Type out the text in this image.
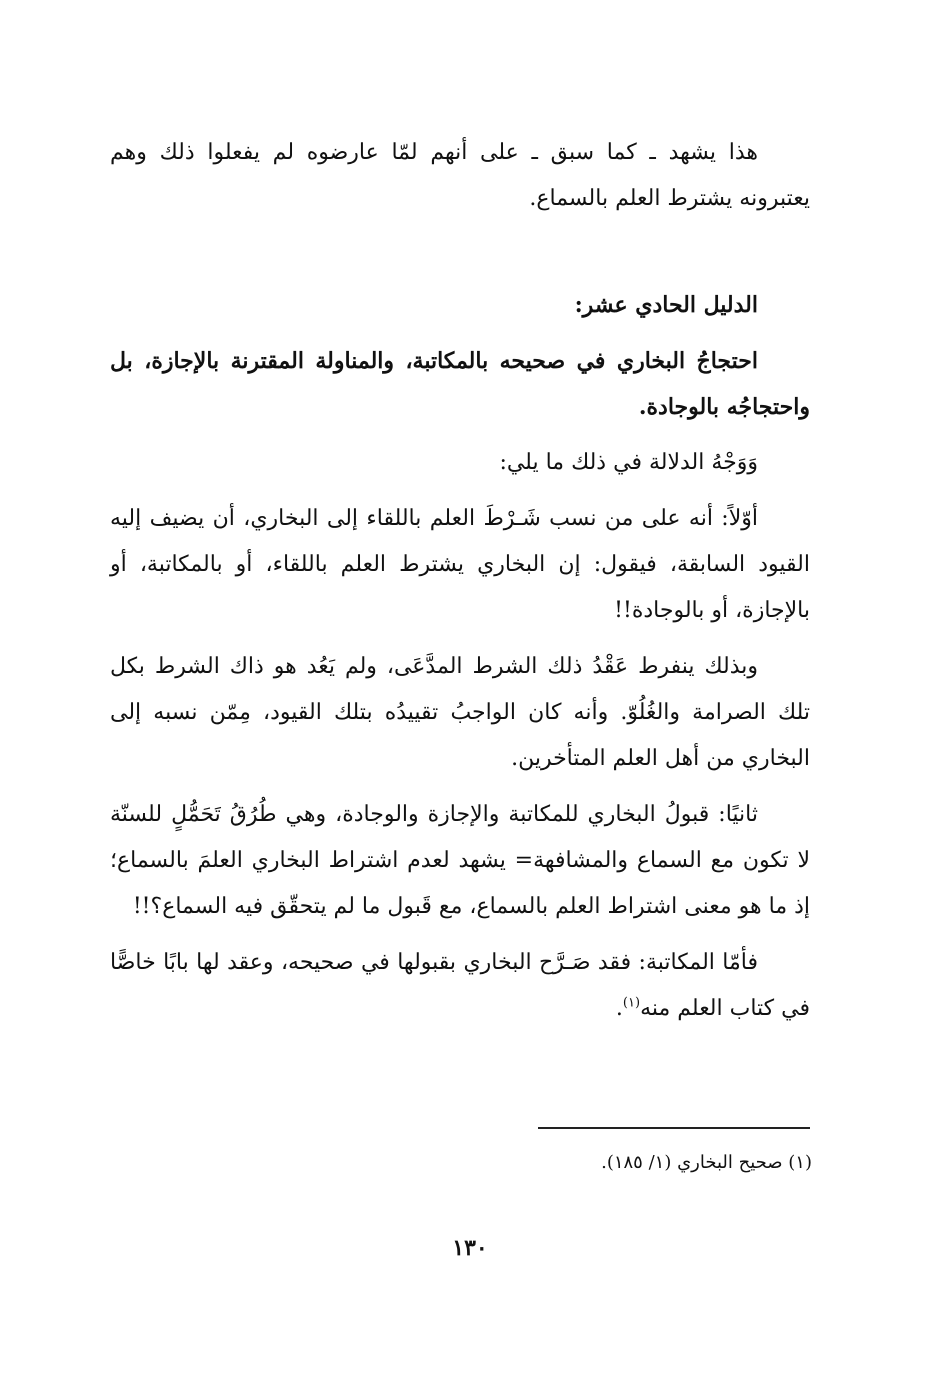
هذا يشهد ـ كما سبق ـ على أنهم لمّا عارضوه لم يفعلوا ذلك وهم يعتبرونه يشترط العلم بالسماع.

الدليل الحادي عشر:

احتجاجُ البخاري في صحيحه بالمكاتبة، والمناولة المقترنة بالإجازة، بل واحتجاجُه بالوجادة.

وَوَجْهُ الدلالة في ذلك ما يلي:

أوّلاً: أنه على من نسب شَـرْطَ العلم باللقاء إلى البخاري، أن يضيف إليه القيود السابقة، فيقول: إن البخاري يشترط العلم باللقاء، أو بالمكاتبة، أو بالإجازة، أو بالوجادة!!

وبذلك ينفرط عَقْدُ ذلك الشرط المدَّعَى، ولم يَعُد هو ذاك الشرط بكل تلك الصرامة والغُلُوّ. وأنه كان الواجبُ تقييدُه بتلك القيود، مِمّن نسبه إلى البخاري من أهل العلم المتأخرين.

ثانيًا: قبولُ البخاري للمكاتبة والإجازة والوجادة، وهي طُرُقُ تَحَمُّلٍ للسنّة لا تكون مع السماع والمشافهة= يشهد لعدم اشتراط البخاري العلمَ بالسماع؛ إذ ما هو معنى اشتراط العلم بالسماع، مع قَبول ما لم يتحقّق فيه السماع؟!!

فأمّا المكاتبة: فقد صَـرَّح البخاري بقبولها في صحيحه، وعقد لها بابًا خاصًّا في كتاب العلم منه$^{(١)}$.

(١) صحيح البخاري (١/ ١٨٥).
١٣٠
